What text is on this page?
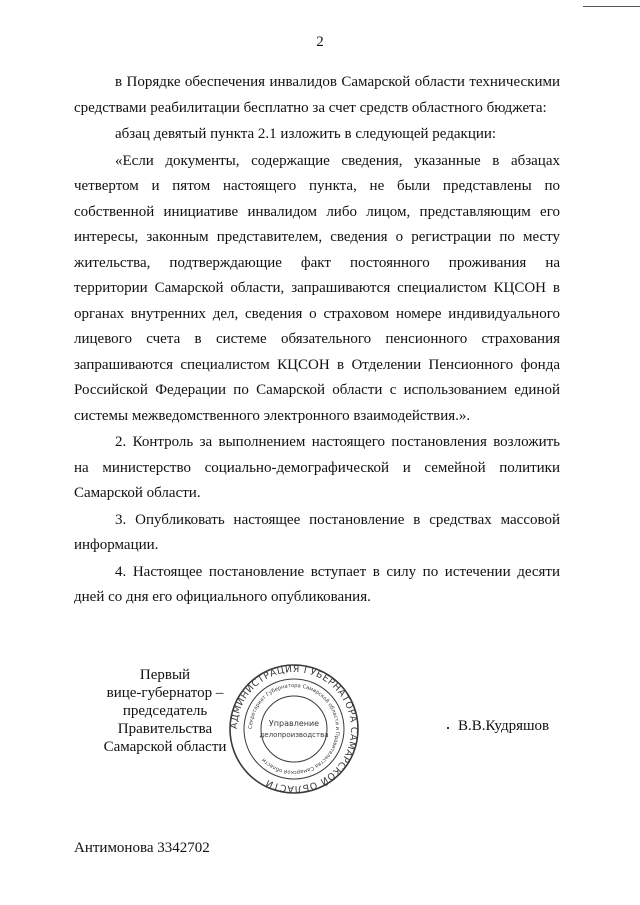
2

в Порядке обеспечения инвалидов Самарской области техническими средствами реабилитации бесплатно за счет средств областного бюджета:

абзац девятый пункта 2.1 изложить в следующей редакции:

«Если документы, содержащие сведения, указанные в абзацах четвертом и пятом настоящего пункта, не были представлены по собственной инициативе инвалидом либо лицом, представляющим его интересы, законным представителем, сведения о регистрации по месту жительства, подтверждающие факт постоянного проживания на территории Самарской области, запрашиваются специалистом КЦСОН в органах внутренних дел, сведения о страховом номере индивидуального лицевого счета в системе обязательного пенсионного страхования запрашиваются специалистом КЦСОН в Отделении Пенсионного фонда Российской Федерации по Самарской области с использованием единой системы межведомственного электронного взаимодействия.».

2. Контроль за выполнением настоящего постановления возложить на министерство социально-демографической и семейной политики Самарской области.

3. Опубликовать настоящее постановление в средствах массовой информации.

4. Настоящее постановление вступает в силу по истечении десяти дней со дня его официального опубликования.

АДМИНИСТРАЦИЯ ГУБЕРНАТОРА САМАРСКОЙ ОБЛАСТИ
Секретариат Губернатора Самарской области и Правительства Самарской области
Управление
делопроизводства
Первый
вице-губернатор –
председатель Правительства
Самарской области
В.В.Кудряшов
Антимонова 3342702
